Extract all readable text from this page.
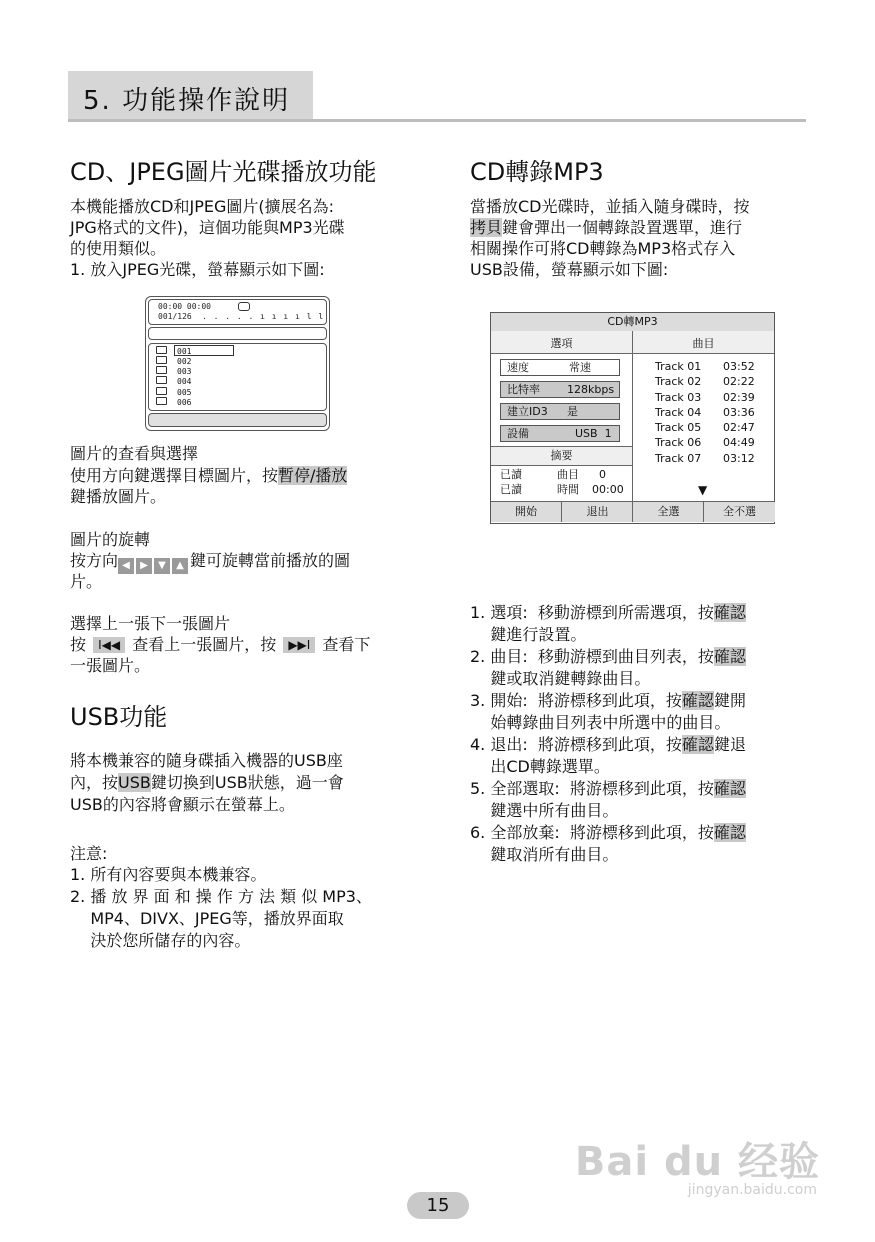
5. 功能操作說明
CD、JPEG圖片光碟播放功能
本機能播放CD和JPEG圖片(擴展名為:
JPG格式的文件)，這個功能與MP3光碟
的使用類似。
1. 放入JPEG光碟，螢幕顯示如下圖:
00:00 00:00
001/126 . . . . . ı ı ı ı l l
001
002
003
004
005
006
圖片的查看與選擇
使用方向鍵選擇目標圖片，按暫停/播放
鍵播放圖片。
圖片的旋轉
按方向 ◀ ▶ ▼ ▲ 鍵可旋轉當前播放的圖
片。
選擇上一張下一張圖片
按 I◀◀ 查看上一張圖片，按 ▶▶I 查看下
一張圖片。
USB功能
將本機兼容的隨身碟插入機器的USB座
內，按USB鍵切換到USB狀態，過一會
USB的內容將會顯示在螢幕上。
注意:
1. 所有內容要與本機兼容。
2. 播 放 界 面 和 操 作 方 法 類 似 MP3、
MP4、DIVX、JPEG等，播放界面取
決於您所儲存的內容。
CD轉錄MP3
當播放CD光碟時，並插入隨身碟時，按
拷貝鍵會彈出一個轉錄設置選單，進行
相關操作可將CD轉錄為MP3格式存入
USB設備，螢幕顯示如下圖:
CD轉MP3
選項	曲目
速度	常速
比特率 128kbps
建立ID3 是
設備	USB  1
摘要
已讀	曲目 0
已讀	時間 00:00
Track 01 03:52
Track 02 02:22
Track 03 02:39
Track 04 03:36
Track 05 02:47
Track 06 04:49
Track 07 03:12
▼
開始	退出	全選	全不選
1. 選項:  移動游標到所需選項，按確認
鍵進行設置。
2. 曲目:  移動游標到曲目列表，按確認
鍵或取消鍵轉錄曲目。
3. 開始:  將游標移到此項，按確認鍵開
始轉錄曲目列表中所選中的曲目。
4. 退出:  將游標移到此項，按確認鍵退
出CD轉錄選單。
5. 全部選取:  將游標移到此項，按確認
鍵選中所有曲目。
6. 全部放棄:  將游標移到此項，按確認
鍵取消所有曲目。
Bai du 经验
jingyan.baidu.com
15
